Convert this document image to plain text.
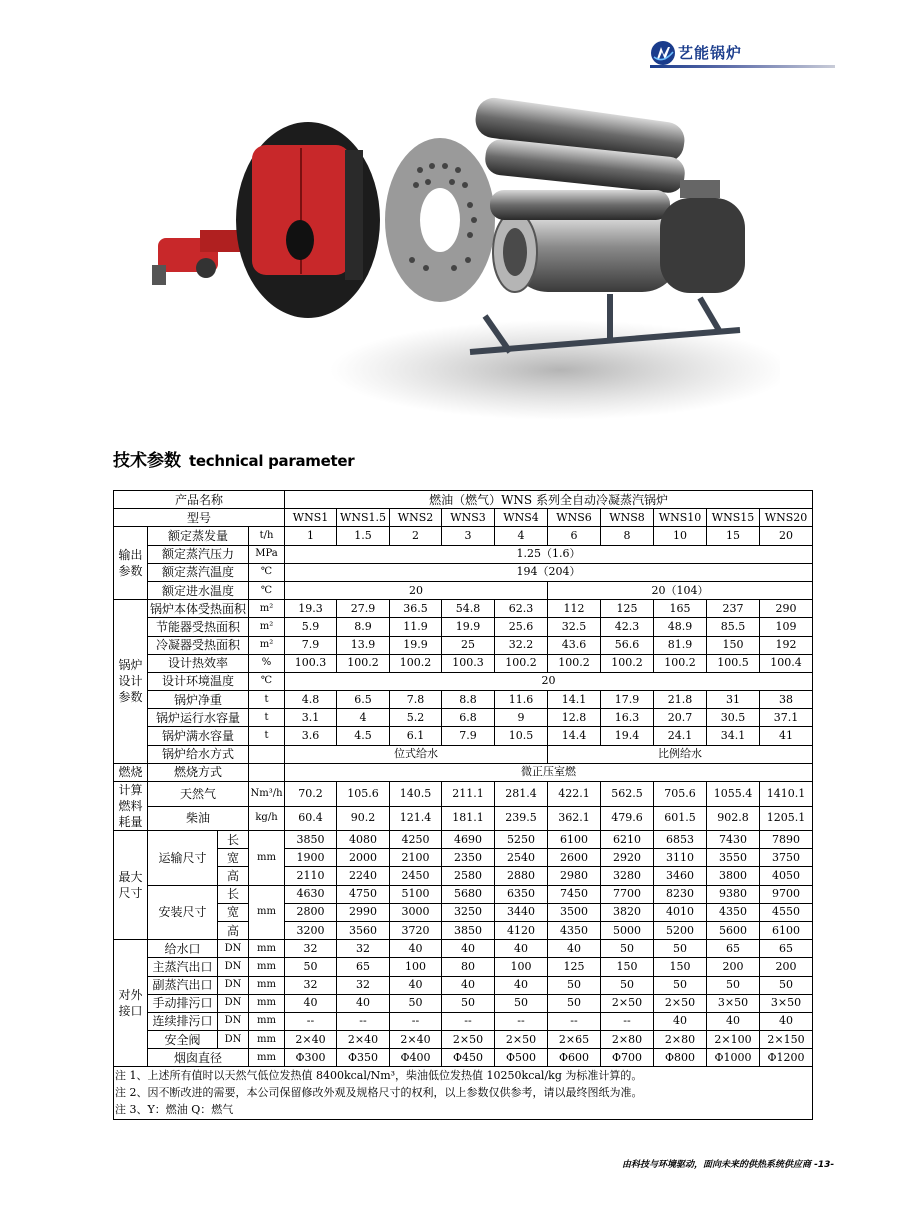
艺能锅炉
技术参数 technical parameter
产品名称				燃油（燃气）WNS 系列全自动冷凝蒸汽锅炉									
型号				WNS1	WNS1.5	WNS2	WNS3	WNS4	WNS6	WNS8	WNS10	WNS15	WNS20
输出参数	额定蒸发量		t/h	1	1.5	2	3	4	6	8	10	15	20
	额定蒸汽压力		MPa	1.25（1.6）									
	额定蒸汽温度		℃	194（204）									
	额定进水温度		℃	20					20（104）				
锅炉设计参数	锅炉本体受热面积		m²	19.3	27.9	36.5	54.8	62.3	112	125	165	237	290
	节能器受热面积		m²	5.9	8.9	11.9	19.9	25.6	32.5	42.3	48.9	85.5	109
	冷凝器受热面积		m²	7.9	13.9	19.9	25	32.2	43.6	56.6	81.9	150	192
	设计热效率		%	100.3	100.2	100.2	100.3	100.2	100.2	100.2	100.2	100.5	100.4
	设计环境温度		℃	20									
	锅炉净重		t	4.8	6.5	7.8	8.8	11.6	14.1	17.9	21.8	31	38
	锅炉运行水容量		t	3.1	4	5.2	6.8	9	12.8	16.3	20.7	30.5	37.1
	锅炉满水容量		t	3.6	4.5	6.1	7.9	10.5	14.4	19.4	24.1	34.1	41
	锅炉给水方式			位式给水					比例给水				
燃烧	燃烧方式			微正压室燃									
计算燃料耗量	天然气		Nm³/h	70.2	105.6	140.5	211.1	281.4	422.1	562.5	705.6	1055.4	1410.1
	柴油		kg/h	60.4	90.2	121.4	181.1	239.5	362.1	479.6	601.5	902.8	1205.1
最大尺寸	运输尺寸	长	mm	3850	4080	4250	4690	5250	6100	6210	6853	7430	7890
		宽		1900	2000	2100	2350	2540	2600	2920	3110	3550	3750
		高		2110	2240	2450	2580	2880	2980	3280	3460	3800	4050
	安装尺寸	长	mm	4630	4750	5100	5680	6350	7450	7700	8230	9380	9700
		宽		2800	2990	3000	3250	3440	3500	3820	4010	4350	4550
		高		3200	3560	3720	3850	4120	4350	5000	5200	5600	6100
对外接口	给水口	DN	mm	32	32	40	40	40	40	50	50	65	65
	主蒸汽出口	DN	mm	50	65	100	80	100	125	150	150	200	200
	副蒸汽出口	DN	mm	32	32	40	40	40	50	50	50	50	50
	手动排污口	DN	mm	40	40	50	50	50	50	2×50	2×50	3×50	3×50
	连续排污口	DN	mm	--	--	--	--	--	--	--	40	40	40
	安全阀	DN	mm	2×40	2×40	2×40	2×50	2×50	2×65	2×80	2×80	2×100	2×150
	烟囱直径		mm	Φ300	Φ350	Φ400	Φ450	Φ500	Φ600	Φ700	Φ800	Φ1000	Φ1200
注 1、上述所有值时以天然气低位发热值 8400kcal/Nm³，柴油低位发热值 10250kcal/kg 为标准计算的。													
注 2、因不断改进的需要，本公司保留修改外观及规格尺寸的权利，以上参数仅供参考，请以最终图纸为准。													
注 3、Y：燃油 Q：燃气													
由科技与环境驱动，面向未来的供热系统供应商 -13-
